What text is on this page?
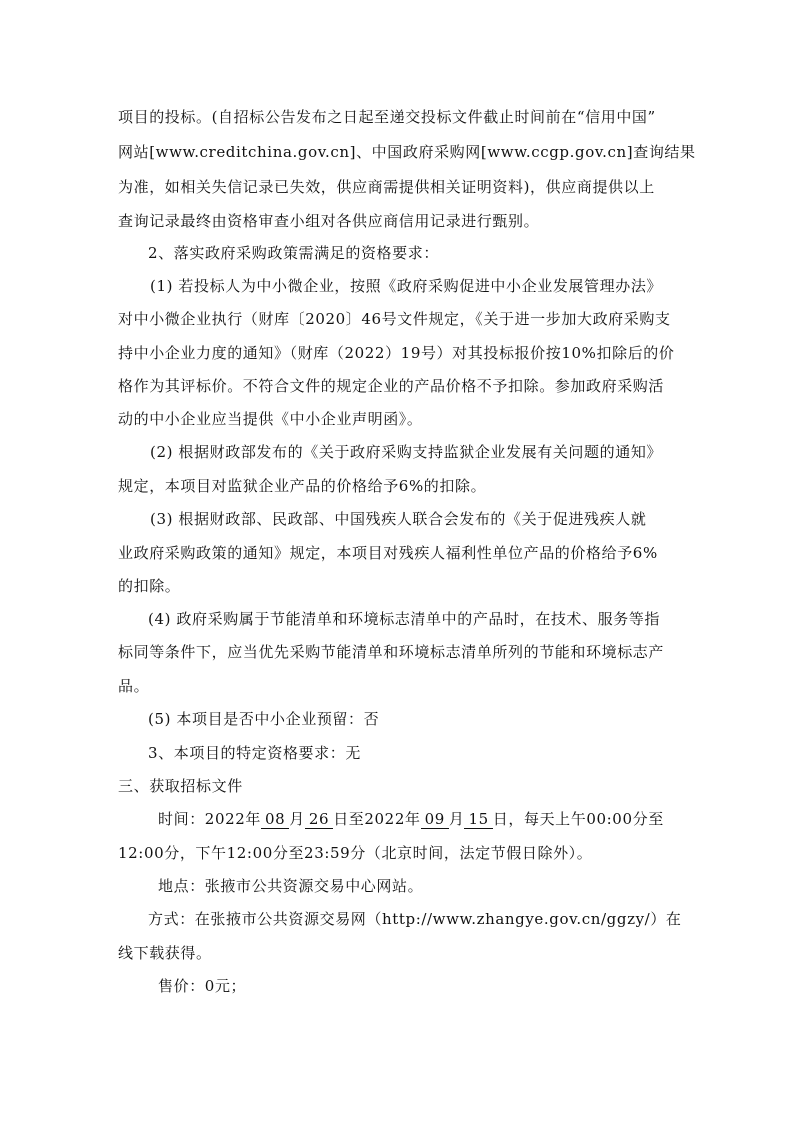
项目的投标。(自招标公告发布之日起至递交投标文件截止时间前在“信用中国”
网站[www.creditchina.gov.cn]、中国政府采购网[www.ccgp.gov.cn]查询结果
为准，如相关失信记录已失效，供应商需提供相关证明资料)，供应商提供以上
查询记录最终由资格审查小组对各供应商信用记录进行甄别。
2、落实政府采购政策需满足的资格要求：
(1) 若投标人为中小微企业，按照《政府采购促进中小企业发展管理办法》
对中小微企业执行（财库〔2020〕46号文件规定，《关于进一步加大政府采购支
持中小企业力度的通知》（财库（2022）19号）对其投标报价按10%扣除后的价
格作为其评标价。不符合文件的规定企业的产品价格不予扣除。参加政府采购活
动的中小企业应当提供《中小企业声明函》。
(2) 根据财政部发布的《关于政府采购支持监狱企业发展有关问题的通知》
规定，本项目对监狱企业产品的价格给予6%的扣除。
(3) 根据财政部、民政部、中国残疾人联合会发布的《关于促进残疾人就
业政府采购政策的通知》规定，本项目对残疾人福利性单位产品的价格给予6%
的扣除。
(4) 政府采购属于节能清单和环境标志清单中的产品时，在技术、服务等指
标同等条件下，应当优先采购节能清单和环境标志清单所列的节能和环境标志产
品。
(5) 本项目是否中小企业预留：否
3、本项目的特定资格要求：无
三、获取招标文件
时间：2022年 08 月 26 日至2022年 09 月 15 日，每天上午00:00分至
12:00分，下午12:00分至23:59分（北京时间，法定节假日除外）。
地点：张掖市公共资源交易中心网站。
方式：在张掖市公共资源交易网（http://www.zhangye.gov.cn/ggzy/）在
线下载获得。
售价：0元；
